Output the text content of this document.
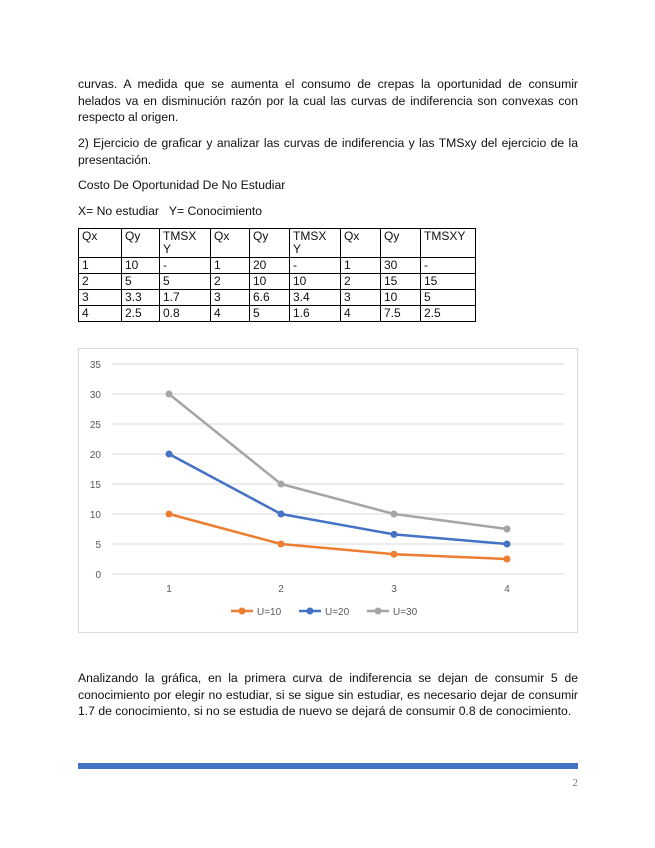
curvas. A medida que se aumenta el consumo de crepas la oportunidad de consumir helados va en disminución razón por la cual las curvas de indiferencia son convexas con respecto al origen.

2) Ejercicio de graficar y analizar las curvas de indiferencia y las TMSxy del ejercicio de la presentación.

Costo De Oportunidad De No Estudiar

X= No estudiar   Y= Conocimiento

Qx	Qy	TMSX Y	Qx	Qy	TMSX Y	Qx	Qy	TMSXY
1	10	-	1	20	-	1	30	-
2	5	5	2	10	10	2	15	15
3	3.3	1.7	3	6.6	3.4	3	10	5
4	2.5	0.8	4	5	1.6	4	7.5	2.5
0
5
10
15
20
25
30
35
1	2	3	4
U=10	U=20	U=30

Analizando la gráfica, en la primera curva de indiferencia se dejan de consumir 5 de conocimiento por elegir no estudiar, si se sigue sin estudiar, es necesario dejar de consumir 1.7 de conocimiento, si no se estudia de nuevo se dejará de consumir 0.8 de conocimiento.

2
